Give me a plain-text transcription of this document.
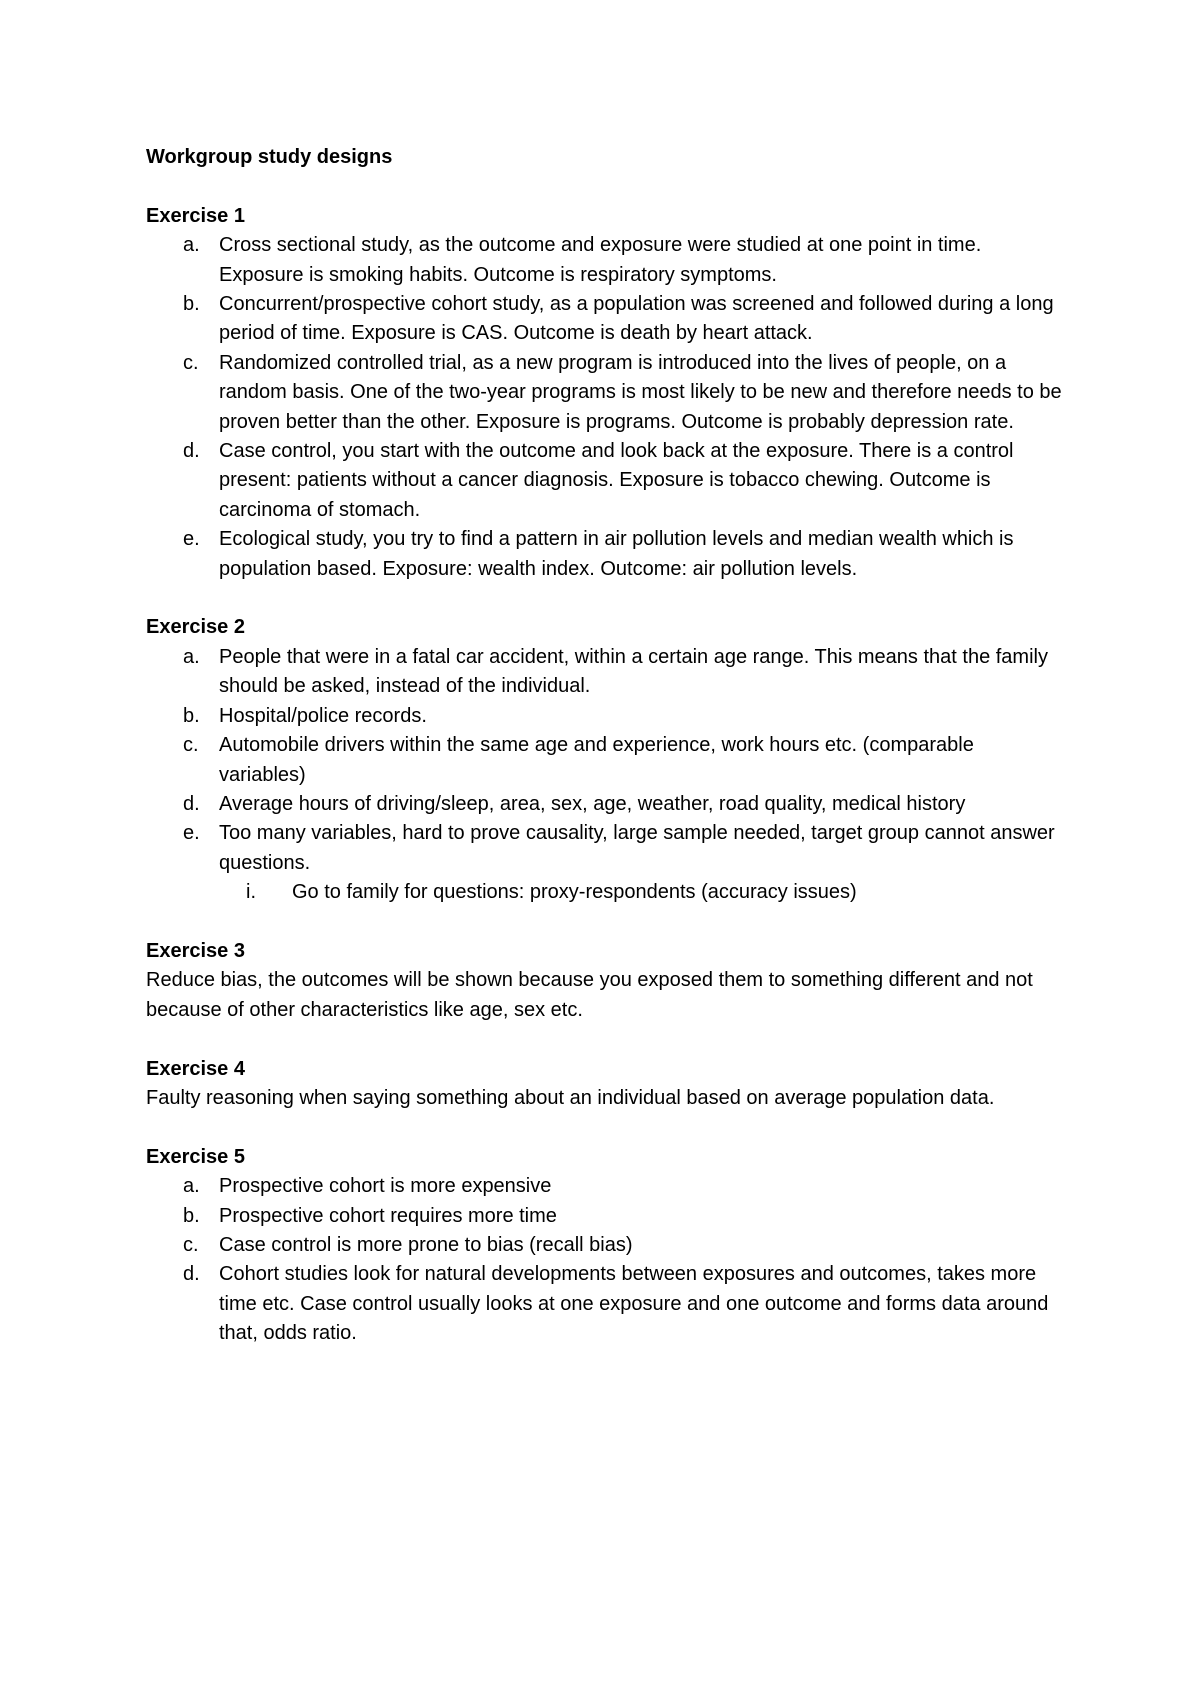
Workgroup study designs
Exercise 1
a. Cross sectional study, as the outcome and exposure were studied at one point in time. Exposure is smoking habits. Outcome is respiratory symptoms.
b. Concurrent/prospective cohort study, as a population was screened and followed during a long period of time. Exposure is CAS. Outcome is death by heart attack.
c. Randomized controlled trial, as a new program is introduced into the lives of people, on a random basis. One of the two-year programs is most likely to be new and therefore needs to be proven better than the other. Exposure is programs. Outcome is probably depression rate.
d. Case control, you start with the outcome and look back at the exposure. There is a control present: patients without a cancer diagnosis. Exposure is tobacco chewing. Outcome is carcinoma of stomach.
e. Ecological study, you try to find a pattern in air pollution levels and median wealth which is population based. Exposure: wealth index. Outcome: air pollution levels.
Exercise 2
a. People that were in a fatal car accident, within a certain age range. This means that the family should be asked, instead of the individual.
b. Hospital/police records.
c. Automobile drivers within the same age and experience, work hours etc. (comparable variables)
d. Average hours of driving/sleep, area, sex, age, weather, road quality, medical history
e. Too many variables, hard to prove causality, large sample needed, target group cannot answer questions.
i. Go to family for questions: proxy-respondents (accuracy issues)
Exercise 3

Reduce bias, the outcomes will be shown because you exposed them to something different and not because of other characteristics like age, sex etc.

Exercise 4

Faulty reasoning when saying something about an individual based on average population data.

Exercise 5
a. Prospective cohort is more expensive
b. Prospective cohort requires more time
c. Case control is more prone to bias (recall bias)
d. Cohort studies look for natural developments between exposures and outcomes, takes more time etc. Case control usually looks at one exposure and one outcome and forms data around that, odds ratio.
